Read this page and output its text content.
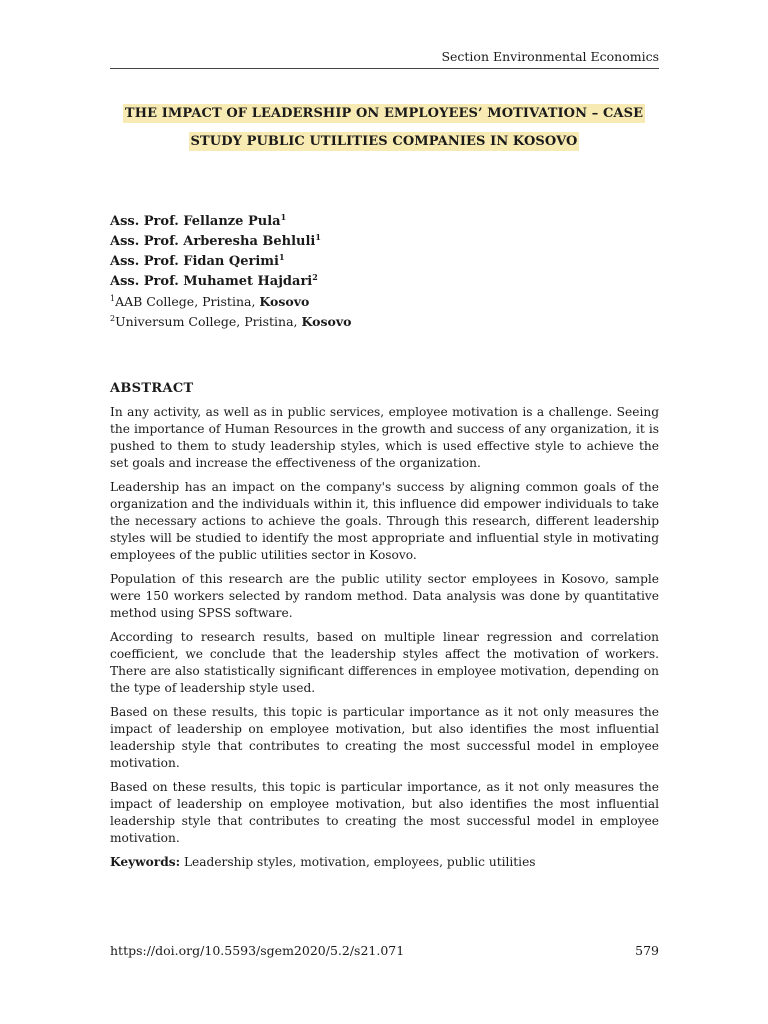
Section Environmental Economics
THE IMPACT OF LEADERSHIP ON EMPLOYEES’ MOTIVATION – CASE
STUDY PUBLIC UTILITIES COMPANIES IN KOSOVO
Ass. Prof. Fellanze Pula$^1$
Ass. Prof. Arberesha Behluli$^1$
Ass. Prof. Fidan Qerimi$^1$
Ass. Prof. Muhamet Hajdari$^2$
$^1$AAB College, Pristina, Kosovo
$^2$Universum College, Pristina, Kosovo
ABSTRACT

In any activity, as well as in public services, employee motivation is a challenge. Seeing the importance of Human Resources in the growth and success of any organization, it is pushed to them to study leadership styles, which is used effective style to achieve the set goals and increase the effectiveness of the organization.

Leadership has an impact on the company's success by aligning common goals of the organization and the individuals within it, this influence did empower individuals to take the necessary actions to achieve the goals. Through this research, different leadership styles will be studied to identify the most appropriate and influential style in motivating employees of the public utilities sector in Kosovo.

Population of this research are the public utility sector employees in Kosovo, sample were 150 workers selected by random method. Data analysis was done by quantitative method using SPSS software.

According to research results, based on multiple linear regression and correlation coefficient, we conclude that the leadership styles affect the motivation of workers. There are also statistically significant differences in employee motivation, depending on the type of leadership style used.

Based on these results, this topic is particular importance as it not only measures the impact of leadership on employee motivation, but also identifies the most influential leadership style that contributes to creating the most successful model in employee motivation.

Based on these results, this topic is particular importance, as it not only measures the impact of leadership on employee motivation, but also identifies the most influential leadership style that contributes to creating the most successful model in employee motivation.

Keywords: Leadership styles, motivation, employees, public utilities

https://doi.org/10.5593/sgem2020/5.2/s21.071	579
